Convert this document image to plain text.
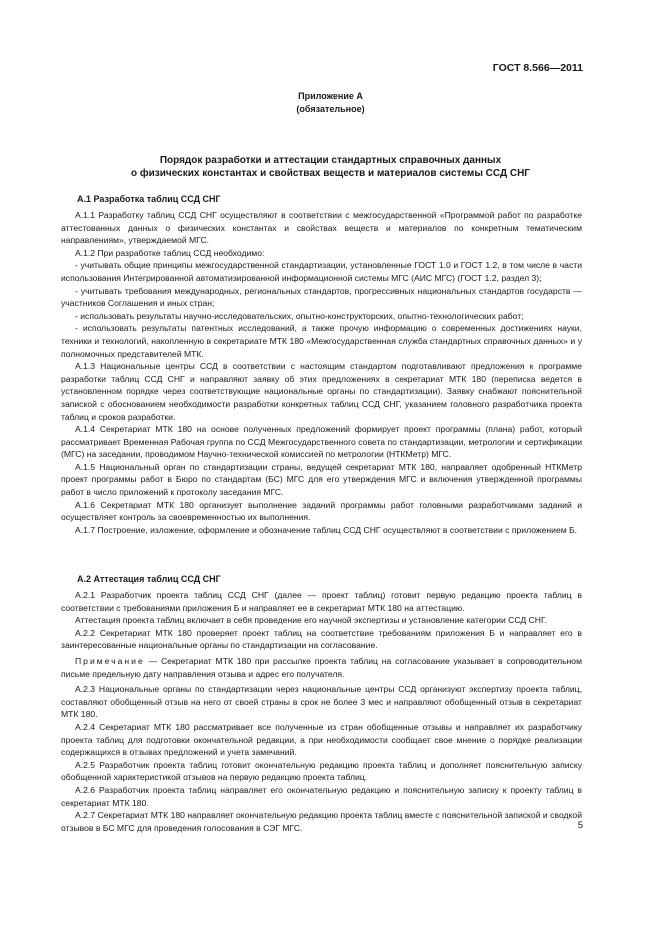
ГОСТ 8.566—2011
Приложение А
(обязательное)
Порядок разработки и аттестации стандартных справочных данных
о физических константах и свойствах веществ и материалов системы ССД СНГ
А.1 Разработка таблиц ССД СНГ

А.1.1 Разработку таблиц ССД СНГ осуществляют в соответствии с межгосударственной «Программой работ по разработке аттестованных данных о физических константах и свойствах веществ и материалов по конкретным тематическим направлениям», утверждаемой МГС.

А.1.2 При разработке таблиц ССД необходимо:

- учитывать общие принципы межгосударственной стандартизации, установленные ГОСТ 1.0 и ГОСТ 1.2, в том числе в части использования Интегрированной автоматизированной информационной системы МГС (АИС МГС) (ГОСТ 1.2, раздел 3);

- учитывать требования международных, региональных стандартов, прогрессивных национальных стандартов государств — участников Соглашения и иных стран;

- использовать результаты научно-исследовательских, опытно-конструкторских, опытно-технологических работ;

- использовать результаты патентных исследований, а также прочую информацию о современных достижениях науки, техники и технологий, накопленную в секретариате МТК 180 «Межгосударственная служба стандартных справочных данных» и у полномочных представителей МТК.

А.1.3 Национальные центры ССД в соответствии с настоящим стандартом подготавливают предложения к программе разработки таблиц ССД СНГ и направляют заявку об этих предложениях в секретариат МТК 180 (переписка ведется в установленном порядке через соответствующие национальные органы по стандартизации). Заявку снабжают пояснительной запиской с обоснованием необходимости разработки конкретных таблиц ССД СНГ, указанием головного разработчика проекта таблиц и сроков разработки.

А.1.4 Секретариат МТК 180 на основе полученных предложений формирует проект программы (плана) работ, который рассматривает Временная Рабочая группа по ССД Межгосударственного совета по стандартизации, метрологии и сертификации (МГС) на заседании, проводимом Научно-технической комиссией по метрологии (НТКМетр) МГС.

А.1.5 Национальный орган по стандартизации страны, ведущей секретариат МТК 180, направляет одобренный НТКМетр проект программы работ в Бюро по стандартам (БС) МГС для его утверждения МГС и включения утвержденной программы работ в число приложений к протоколу заседания МГС.

А.1.6 Секретариат МТК 180 организует выполнение заданий программы работ головными разработчиками заданий и осуществляет контроль за своевременностью их выполнения.

А.1.7 Построение, изложение, оформление и обозначение таблиц ССД СНГ осуществляют в соответствии с приложением Б.

А.2 Аттестация таблиц ССД СНГ

А.2.1 Разработчик проекта таблиц ССД СНГ (далее — проект таблиц) готовит первую редакцию проекта таблиц в соответствии с требованиями приложения Б и направляет ее в секретариат МТК 180 на аттестацию.

Аттестация проекта таблиц включает в себя проведение его научной экспертизы и установление категории ССД СНГ.

А.2.2 Секретариат МТК 180 проверяет проект таблиц на соответствие требованиям приложения Б и направляет его в заинтересованные национальные органы по стандартизации на согласование.

Примечание — Секретариат МТК 180 при рассылке проекта таблиц на согласование указывает в сопроводительном письме предельную дату направления отзыва и адрес его получателя.

А.2.3 Национальные органы по стандартизации через национальные центры ССД организуют экспертизу проекта таблиц, составляют обобщенный отзыв на него от своей страны в срок не более 3 мес и направляют обобщенный отзыв в секретариат МТК 180.

А.2.4 Секретариат МТК 180 рассматривает все полученные из стран обобщенные отзывы и направляет их разработчику проекта таблиц для подготовки окончательной редакции, а при необходимости сообщает свое мнение о порядке реализации содержащихся в отзывах предложений и учета замечаний.

А.2.5 Разработчик проекта таблиц готовит окончательную редакцию проекта таблиц и дополняет пояснительную записку обобщенной характеристикой отзывов на первую редакцию проекта таблиц.

А.2.6 Разработчик проекта таблиц направляет его окончательную редакцию и пояснительную записку к проекту таблиц в секретариат МТК 180.

А.2.7 Секретариат МТК 180 направляет окончательную редакцию проекта таблиц вместе с пояснительной запиской и сводкой отзывов в БС МГС для проведения голосования в СЭГ МГС.	5
